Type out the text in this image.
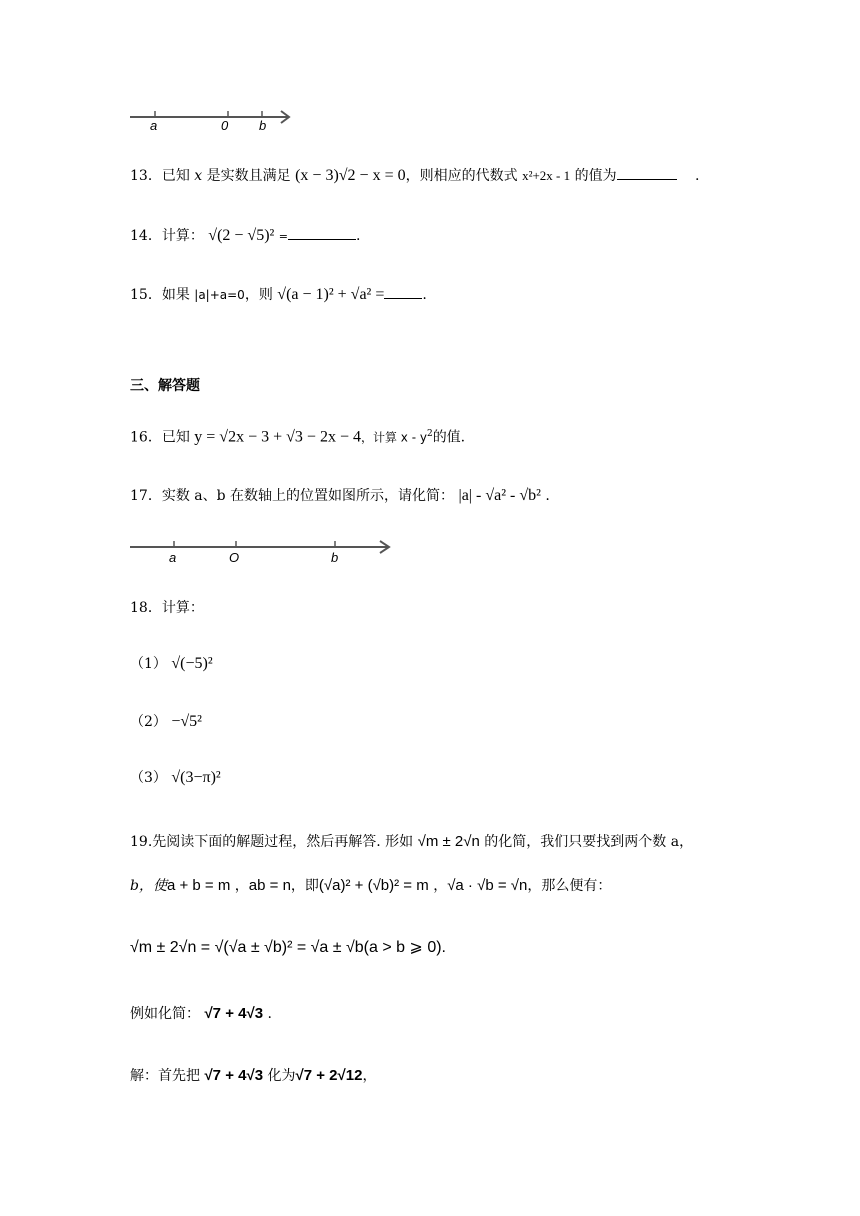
a	0 b
13．已知 x 是实数且满足 (x − 3)√2 − x = 0，则相应的代数式 x²+2x - 1 的值为	.
14．计算： √(2 − √5)² =	.
15．如果 |a|+a=0，则 √(a − 1)² + √a² =	.
三、解答题
16．已知 y = √2x − 3 + √3 − 2x − 4，计算 x - $y^2$的值.
17．实数 a、b 在数轴上的位置如图所示，请化简： |a| - √a² - √b² .
a	O	b
18．计算：
（1） √(−5)²
（2） −√5²
（3） √(3−π)²
19.先阅读下面的解题过程，然后再解答. 形如 √m ± 2√n 的化简，我们只要找到两个数 a，
b，使a + b = m ，ab = n，即(√a)² + (√b)² = m ，√a · √b = √n，那么便有：
√m ± 2√n = √(√a ± √b)² = √a ± √b(a > b ⩾ 0).
例如化简： √7 + 4√3 .
解：首先把 √7 + 4√3 化为√7 + 2√12，
